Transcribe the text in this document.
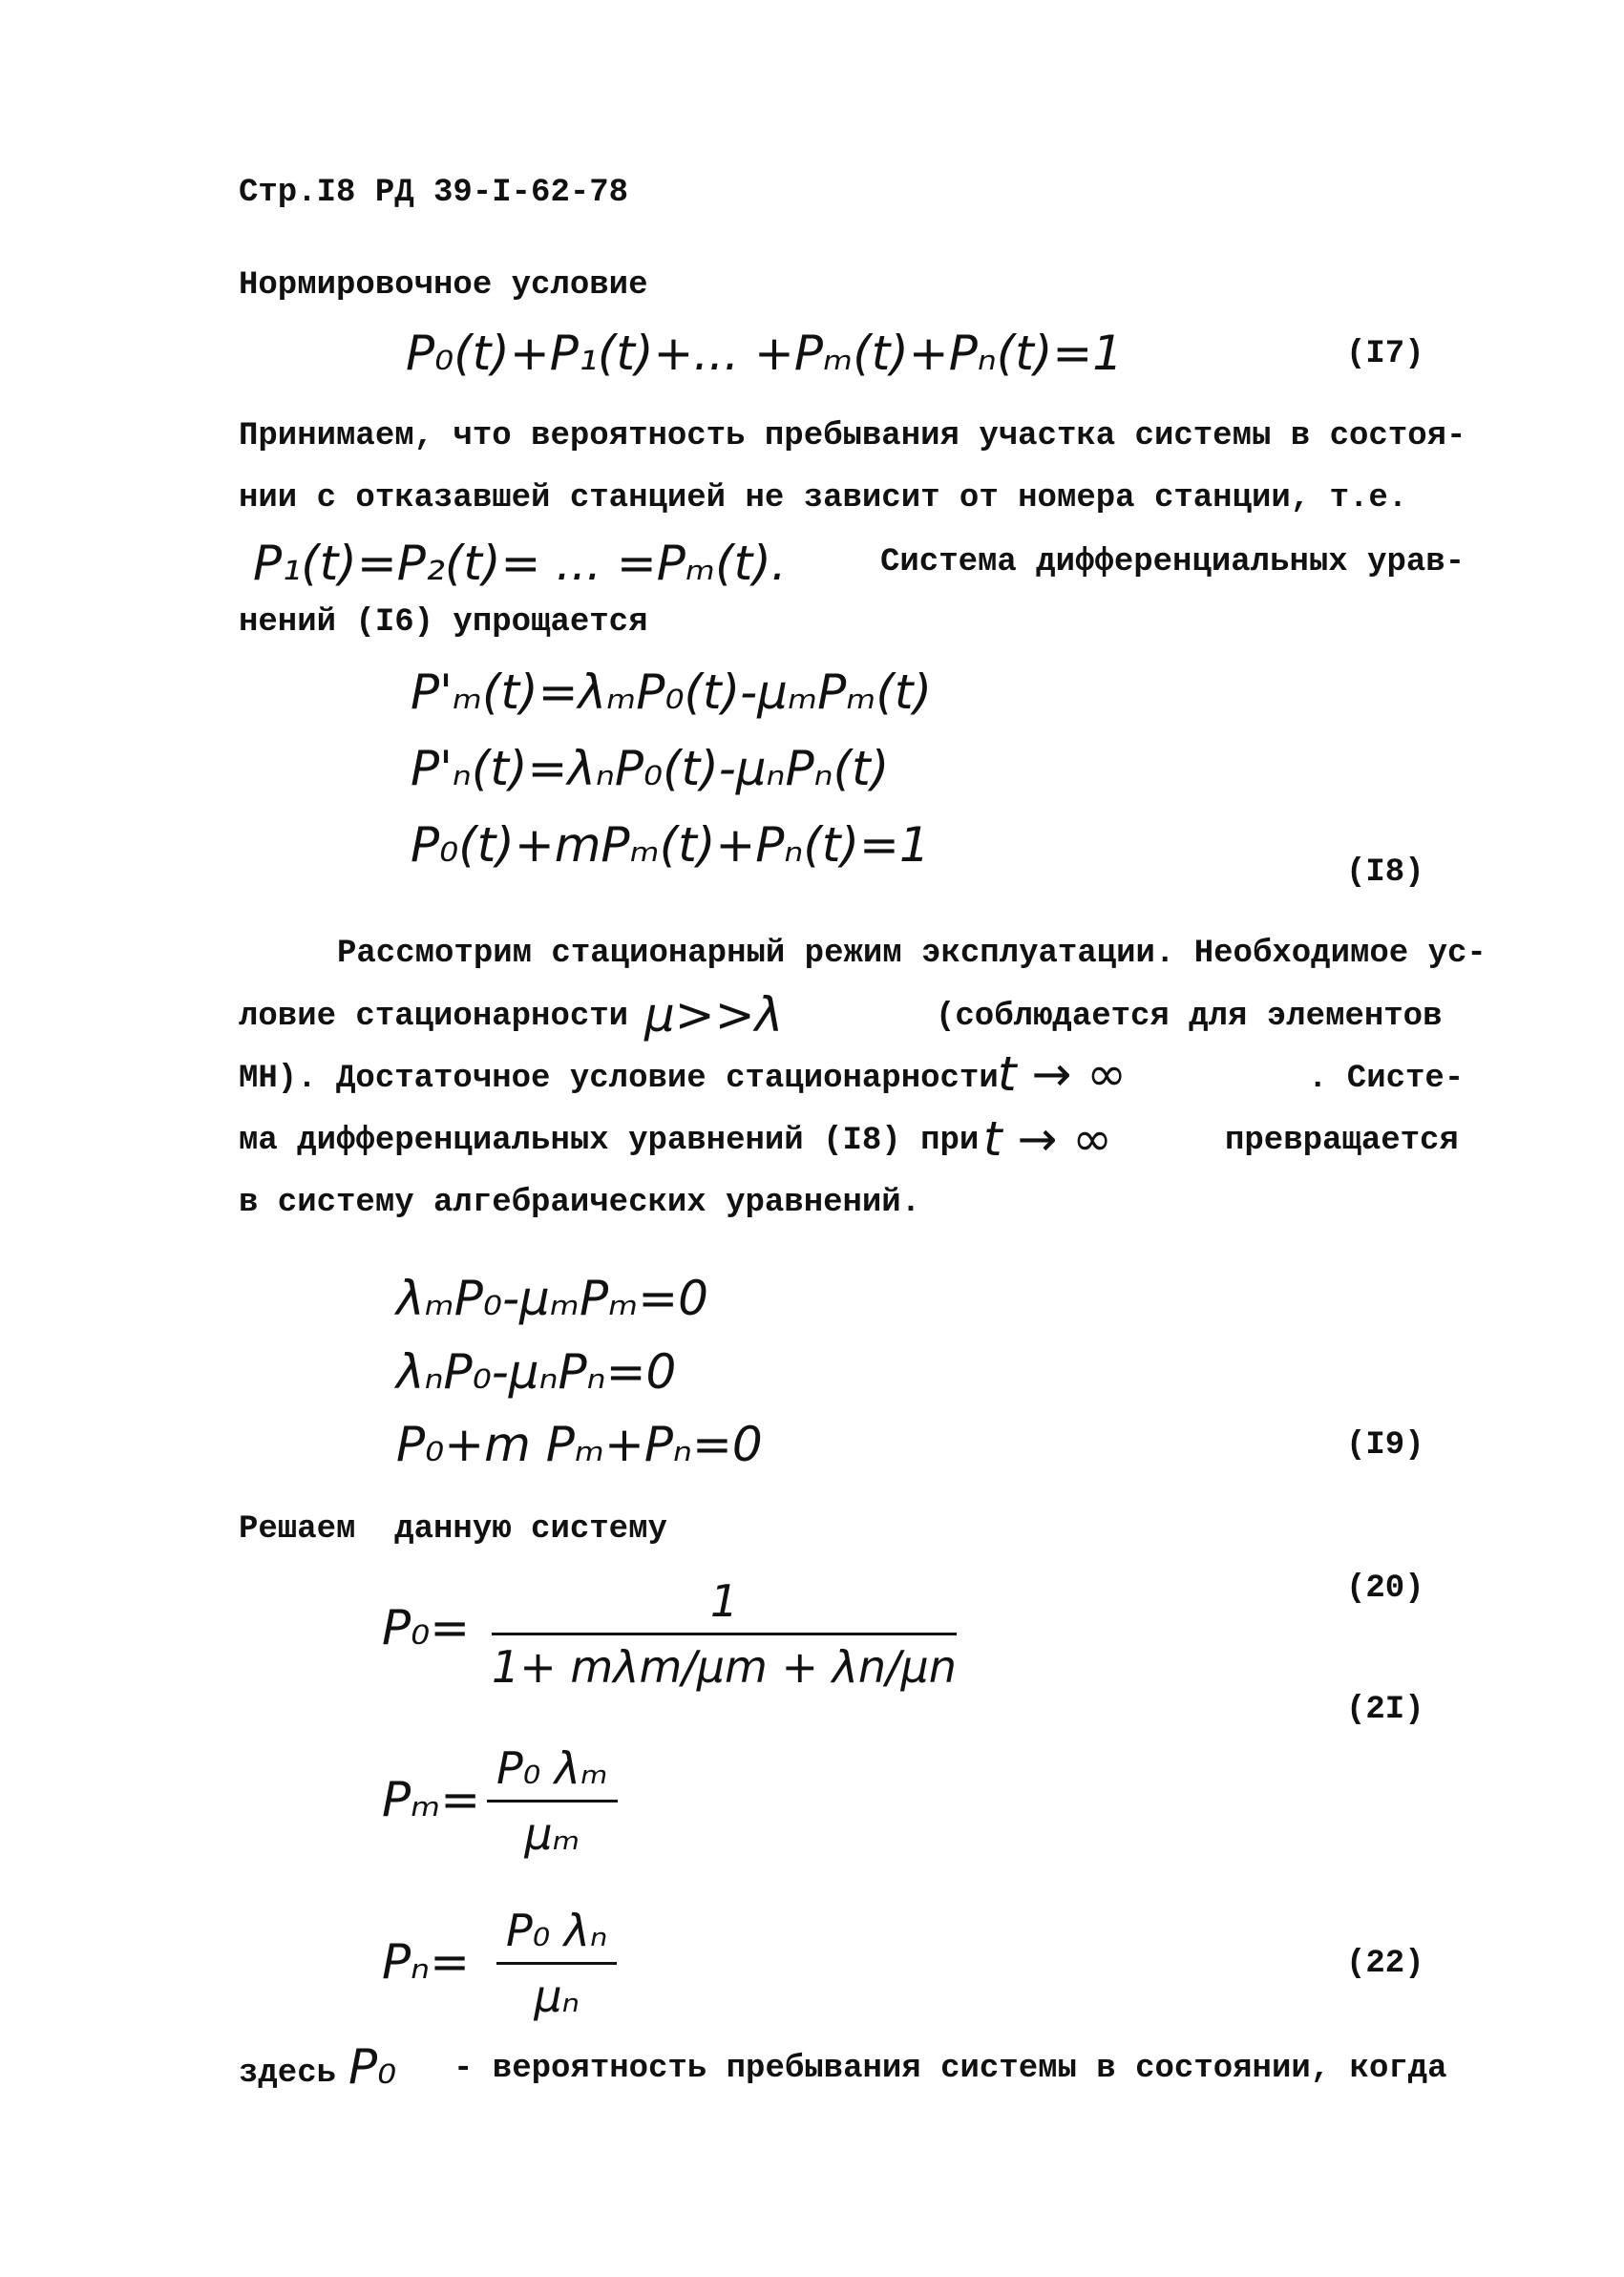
Стр.I8 РД 39-I-62-78
Нормировочное условие
P₀(t)+P₁(t)+... +Pₘ(t)+Pₙ(t)=1	(I7)
Принимаем, что вероятность пребывания участка системы в состоя-
нии с отказавшей станцией не зависит от номера станции, т.е.
P₁(t)=P₂(t)= ... =Pₘ(t).	Система дифференциальных урав-
нений (I6) упрощается
P'ₘ(t)=λₘP₀(t)-μₘPₘ(t)
P'ₙ(t)=λₙP₀(t)-μₙPₙ(t)
P₀(t)+mPₘ(t)+Pₙ(t)=1	(I8)
Рассмотрим стационарный режим эксплуатации. Необходимое ус-
ловие стационарности μ>>λ	(соблюдается для элементов
МН). Достаточное условие стационарности t → ∞	. Систе-
ма дифференциальных уравнений (I8) при t → ∞	превращается
в систему алгебраических уравнений.
λₘP₀-μₘPₘ=0
λₙP₀-μₙPₙ=0
P₀+m Pₘ+Pₙ=0	(I9)
Решаем  данную систему
(20)
P₀=	1
1+ mλm/μm + λn/μn
(2I)
Pₘ=
P₀ λₘ
μₘ
Pₙ=
P₀ λₙ
μₙ
(22)
здесь P₀ - вероятность пребывания системы в состоянии, когда
